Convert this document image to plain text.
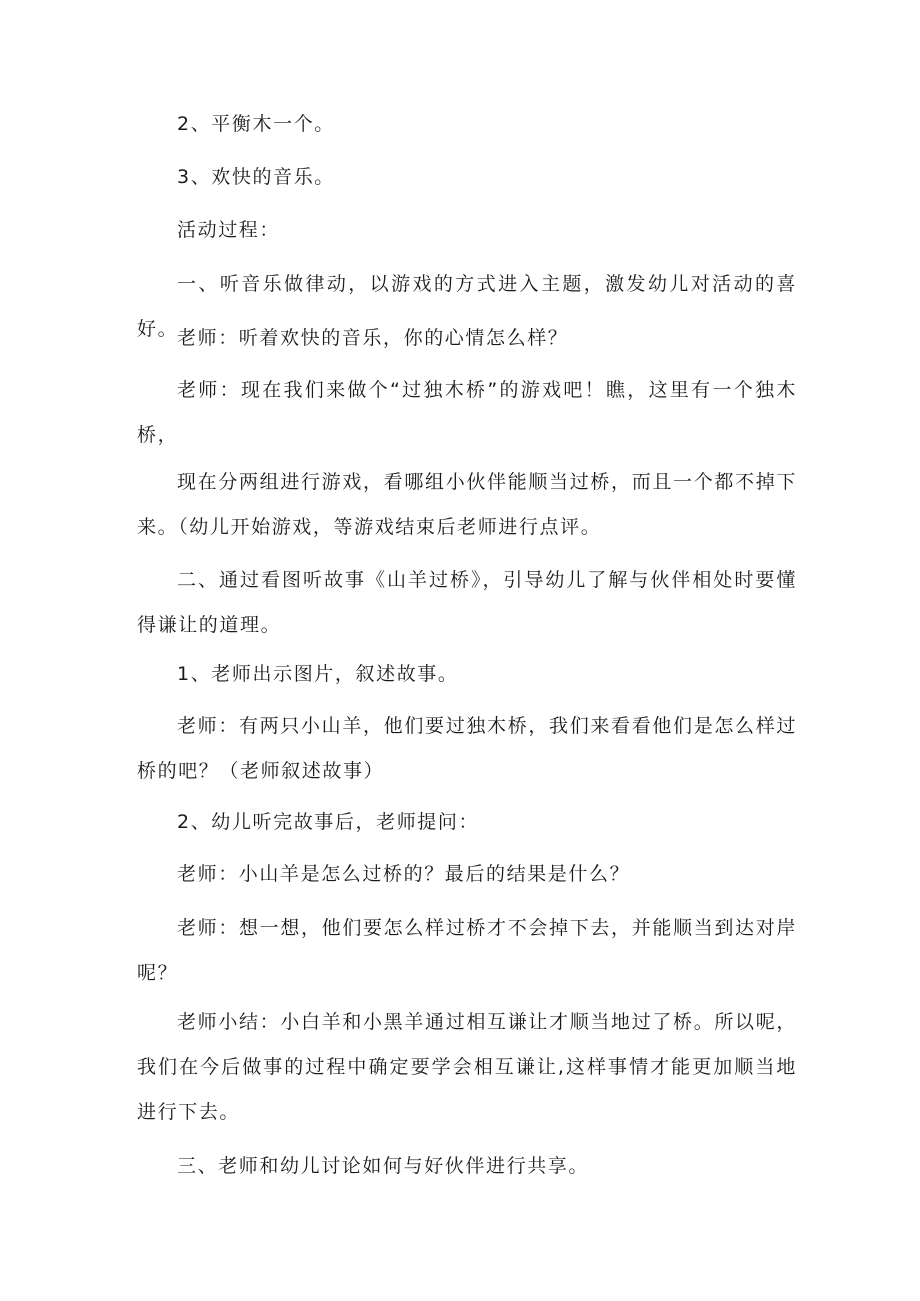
2、平衡木一个。

3、欢快的音乐。

活动过程：

一、听音乐做律动，以游戏的方式进入主题，激发幼儿对活动的喜好。

老师：听着欢快的音乐，你的心情怎么样？

老师：现在我们来做个“过独木桥”的游戏吧！瞧，这里有一个独木桥，

现在分两组进行游戏，看哪组小伙伴能顺当过桥，而且一个都不掉下来。（幼儿开始游戏，等游戏结束后老师进行点评。

二、通过看图听故事《山羊过桥》，引导幼儿了解与伙伴相处时要懂得谦让的道理。

1、老师出示图片，叙述故事。

老师：有两只小山羊，他们要过独木桥，我们来看看他们是怎么样过桥的吧？（老师叙述故事）

2、幼儿听完故事后，老师提问：

老师：小山羊是怎么过桥的？最后的结果是什么？

老师：想一想，他们要怎么样过桥才不会掉下去，并能顺当到达对岸呢？

老师小结：小白羊和小黑羊通过相互谦让才顺当地过了桥。所以呢，我们在今后做事的过程中确定要学会相互谦让,这样事情才能更加顺当地进行下去。

三、老师和幼儿讨论如何与好伙伴进行共享。
